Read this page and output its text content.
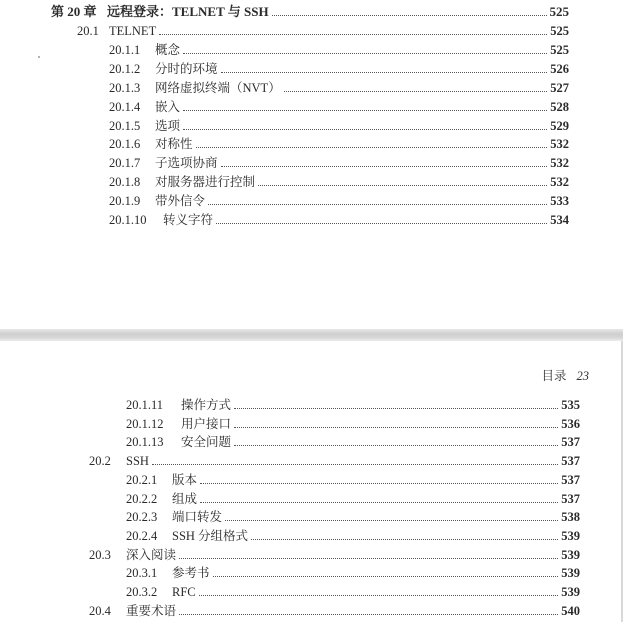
第 20 章 远程登录：TELNET 与 SSH	525
20.1 TELNET	525
20.1.1	概念	525
20.1.2	分时的环境	526
20.1.3	网络虚拟终端（NVT）	527
20.1.4	嵌入	528
20.1.5	选项	529
20.1.6	对称性	532
20.1.7	子选项协商	532
20.1.8	对服务器进行控制	532
20.1.9	带外信令	533
20.1.10	转义字符	534
目录 23
20.1.11	操作方式	535
20.1.12	用户接口	536
20.1.13	安全问题	537
20.2	SSH	537
20.2.1	版本	537
20.2.2	组成	537
20.2.3	端口转发	538
20.2.4	SSH 分组格式	539
20.3	深入阅读	539
20.3.1	参考书	539
20.3.2	RFC	539
20.4	重要术语	540
